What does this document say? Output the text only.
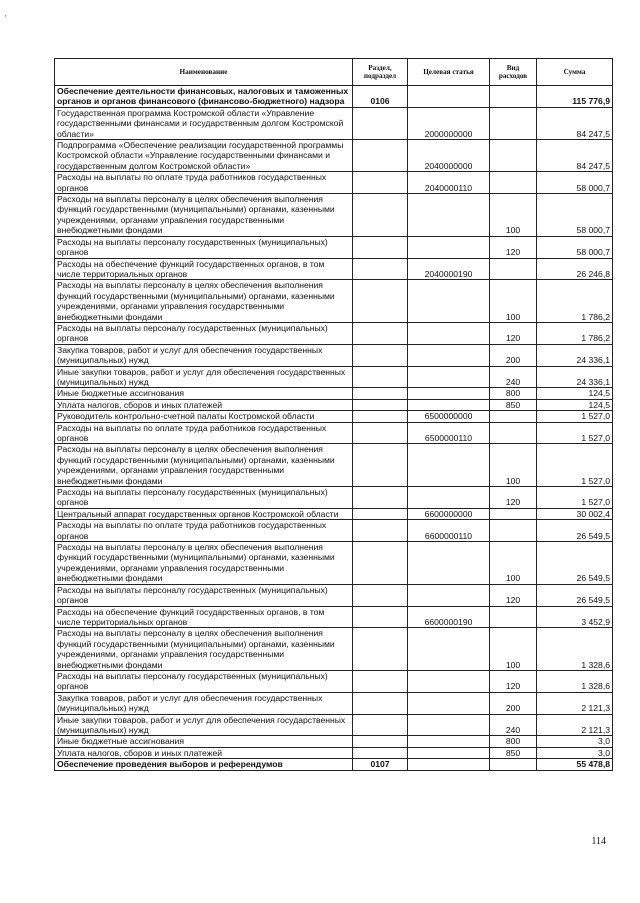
'
Наименование	Раздел, подраздел	Целевая статья	Вид расходов	Сумма
Обеспечение деятельности финансовых, налоговых и таможенных органов и органов финансового (финансово-бюджетного) надзора	0106			115 776,9
Государственная программа Костромской области «Управление государственными финансами и государственным долгом Костромской области»		2000000000		84 247,5
Подпрограмма «Обеспечение реализации государственной программы Костромской области «Управление государственными финансами и государственным долгом Костромской области»		2040000000		84 247,5
Расходы на выплаты по оплате труда работников государственных органов		2040000110		58 000,7
Расходы на выплаты персоналу в целях обеспечения выполнения функций государственными (муниципальными) органами, казенными учреждениями, органами управления государственными внебюджетными фондами			100	58 000,7
Расходы на выплаты персоналу государственных (муниципальных) органов			120	58 000,7
Расходы на обеспечение функций государственных органов, в том числе территориальных органов		2040000190		26 246,8
Расходы на выплаты персоналу в целях обеспечения выполнения функций государственными (муниципальными) органами, казенными учреждениями, органами управления государственными внебюджетными фондами			100	1 786,2
Расходы на выплаты персоналу государственных (муниципальных) органов			120	1 786,2
Закупка товаров, работ и услуг для обеспечения государственных (муниципальных) нужд			200	24 336,1
Иные закупки товаров, работ и услуг для обеспечения государственных (муниципальных) нужд			240	24 336,1
Иные бюджетные ассигнования			800	124,5
Уплата налогов, сборов и иных платежей			850	124,5
Руководитель контрольно-счетной палаты Костромской области		6500000000		1 527,0
Расходы на выплаты по оплате труда работников государственных органов		6500000110		1 527,0
Расходы на выплаты персоналу в целях обеспечения выполнения функций государственными (муниципальными) органами, казенными учреждениями, органами управления государственными внебюджетными фондами			100	1 527,0
Расходы на выплаты персоналу государственных (муниципальных) органов			120	1 527,0
Центральный аппарат государственных органов Костромской области		6600000000		30 002,4
Расходы на выплаты по оплате труда работников государственных органов		6600000110		26 549,5
Расходы на выплаты персоналу в целях обеспечения выполнения функций государственными (муниципальными) органами, казенными учреждениями, органами управления государственными внебюджетными фондами			100	26 549,5
Расходы на выплаты персоналу государственных (муниципальных) органов			120	26 549,5
Расходы на обеспечение функций государственных органов, в том числе территориальных органов		6600000190		3 452,9
Расходы на выплаты персоналу в целях обеспечения выполнения функций государственными (муниципальными) органами, казенными учреждениями, органами управления государственными внебюджетными фондами			100	1 328,6
Расходы на выплаты персоналу государственных (муниципальных) органов			120	1 328,6
Закупка товаров, работ и услуг для обеспечения государственных (муниципальных) нужд			200	2 121,3
Иные закупки товаров, работ и услуг для обеспечения государственных (муниципальных) нужд			240	2 121,3
Иные бюджетные ассигнования			800	3,0
Уплата налогов, сборов и иных платежей			850	3,0
Обеспечение проведения выборов и референдумов	0107			55 478,8
114
